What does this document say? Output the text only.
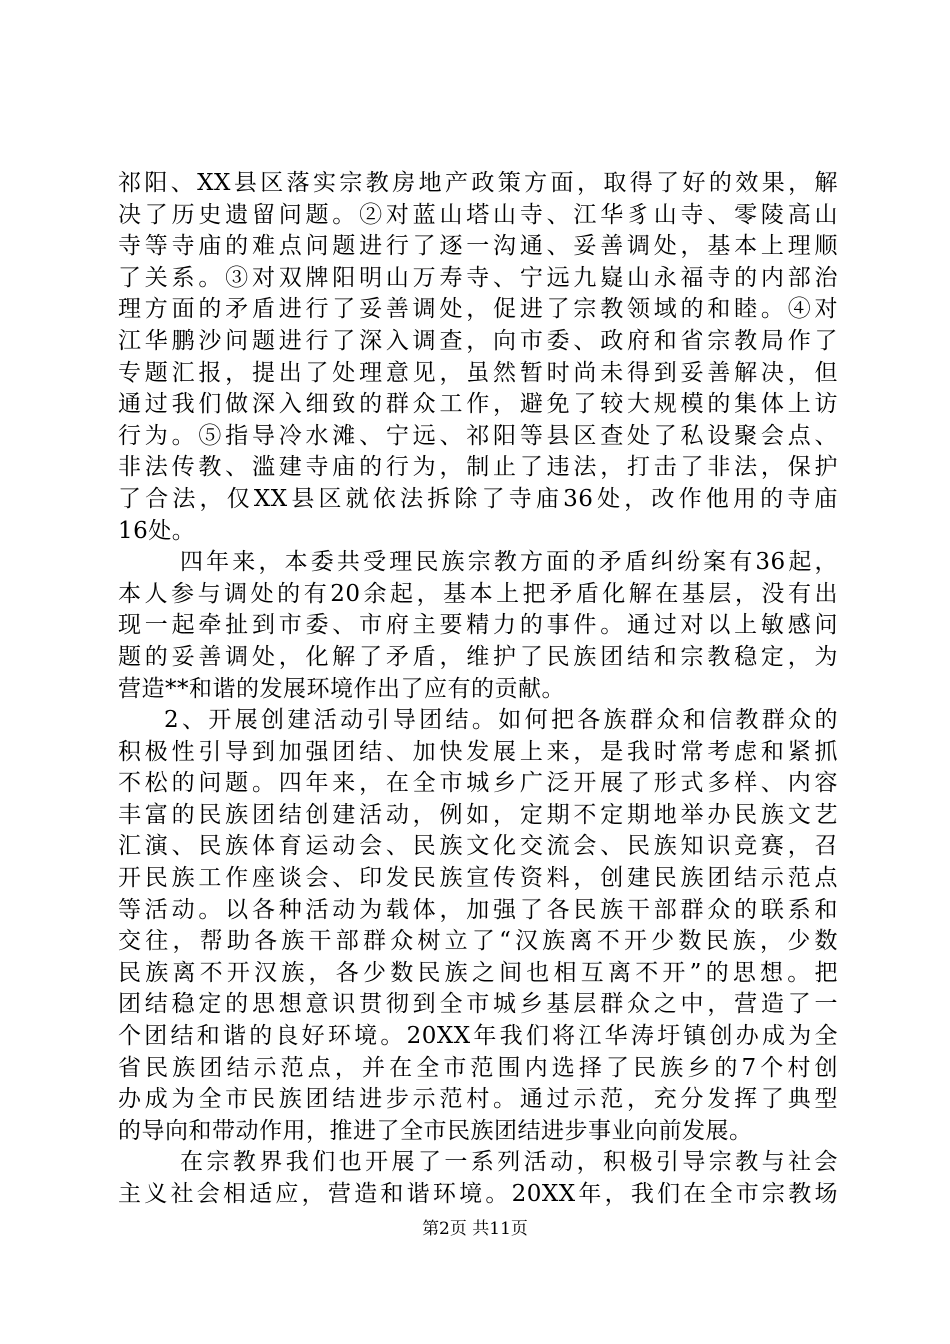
祁阳、XX县区落实宗教房地产政策方面，取得了好的效果，解
决了历史遗留问题。②对蓝山塔山寺、江华豸山寺、零陵高山
寺等寺庙的难点问题进行了逐一沟通、妥善调处，基本上理顺
了关系。③对双牌阳明山万寿寺、宁远九嶷山永福寺的内部治
理方面的矛盾进行了妥善调处，促进了宗教领域的和睦。④对
江华鹏沙问题进行了深入调查，向市委、政府和省宗教局作了
专题汇报，提出了处理意见，虽然暂时尚未得到妥善解决，但
通过我们做深入细致的群众工作，避免了较大规模的集体上访
行为。⑤指导冷水滩、宁远、祁阳等县区查处了私设聚会点、
非法传教、滥建寺庙的行为，制止了违法，打击了非法，保护
了合法，仅XX县区就依法拆除了寺庙36处，改作他用的寺庙
16处。
四年来，本委共受理民族宗教方面的矛盾纠纷案有36起，
本人参与调处的有20余起，基本上把矛盾化解在基层，没有出
现一起牵扯到市委、市府主要精力的事件。通过对以上敏感问
题的妥善调处，化解了矛盾，维护了民族团结和宗教稳定，为
营造**和谐的发展环境作出了应有的贡献。
2、开展创建活动引导团结。如何把各族群众和信教群众的
积极性引导到加强团结、加快发展上来，是我时常考虑和紧抓
不松的问题。四年来，在全市城乡广泛开展了形式多样、内容
丰富的民族团结创建活动，例如，定期不定期地举办民族文艺
汇演、民族体育运动会、民族文化交流会、民族知识竞赛，召
开民族工作座谈会、印发民族宣传资料，创建民族团结示范点
等活动。以各种活动为载体，加强了各民族干部群众的联系和
交往，帮助各族干部群众树立了“汉族离不开少数民族，少数
民族离不开汉族，各少数民族之间也相互离不开”的思想。把
团结稳定的思想意识贯彻到全市城乡基层群众之中，营造了一
个团结和谐的良好环境。20XX年我们将江华涛圩镇创办成为全
省民族团结示范点，并在全市范围内选择了民族乡的7个村创
办成为全市民族团结进步示范村。通过示范，充分发挥了典型
的导向和带动作用，推进了全市民族团结进步事业向前发展。
在宗教界我们也开展了一系列活动，积极引导宗教与社会
主义社会相适应，营造和谐环境。20XX年，我们在全市宗教场
第2页 共11页
